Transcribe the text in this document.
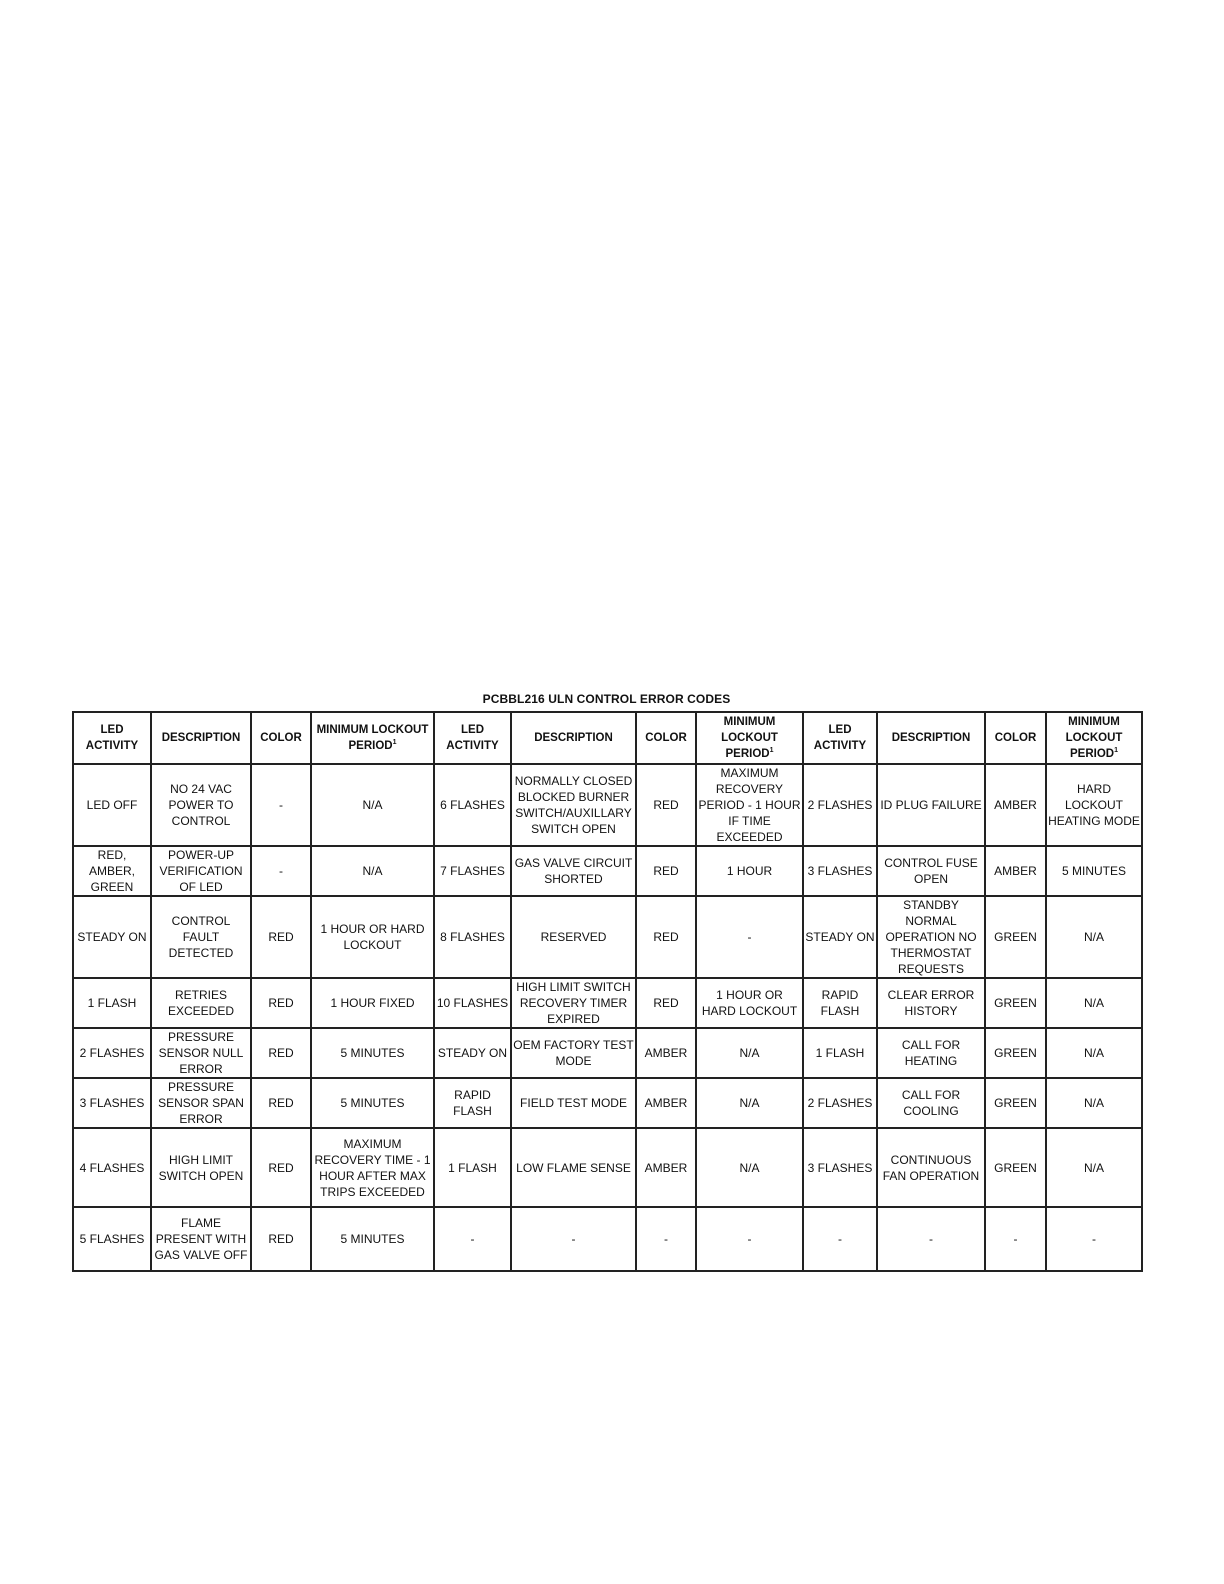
PCBBL216 ULN CONTROL ERROR CODES
LED ACTIVITY	DESCRIPTION	COLOR	MINIMUM LOCKOUT PERIOD$^1$	LED ACTIVITY	DESCRIPTION	COLOR	MINIMUM LOCKOUT PERIOD$^1$	LED ACTIVITY	DESCRIPTION	COLOR	MINIMUM LOCKOUT PERIOD$^1$
LED OFF	NO 24 VAC POWER TO CONTROL	-	N/A	6 FLASHES	NORMALLY CLOSED BLOCKED BURNER SWITCH/AUXILLARY SWITCH OPEN	RED	MAXIMUM RECOVERY PERIOD - 1 HOUR IF TIME EXCEEDED	2 FLASHES	ID PLUG FAILURE	AMBER	HARD LOCKOUT HEATING MODE
RED, AMBER, GREEN	POWER-UP VERIFICATION OF LED	-	N/A	7 FLASHES	GAS VALVE CIRCUIT SHORTED	RED	1 HOUR	3 FLASHES	CONTROL FUSE OPEN	AMBER	5 MINUTES
STEADY ON	CONTROL FAULT DETECTED	RED	1 HOUR OR HARD LOCKOUT	8 FLASHES	RESERVED	RED	-	STEADY ON	STANDBY NORMAL OPERATION NO THERMOSTAT REQUESTS	GREEN	N/A
1 FLASH	RETRIES EXCEEDED	RED	1 HOUR FIXED	10 FLASHES	HIGH LIMIT SWITCH RECOVERY TIMER EXPIRED	RED	1 HOUR OR HARD LOCKOUT	RAPID FLASH	CLEAR ERROR HISTORY	GREEN	N/A
2 FLASHES	PRESSURE SENSOR NULL ERROR	RED	5 MINUTES	STEADY ON	OEM FACTORY TEST MODE	AMBER	N/A	1 FLASH	CALL FOR HEATING	GREEN	N/A
3 FLASHES	PRESSURE SENSOR SPAN ERROR	RED	5 MINUTES	RAPID FLASH	FIELD TEST MODE	AMBER	N/A	2 FLASHES	CALL FOR COOLING	GREEN	N/A
4 FLASHES	HIGH LIMIT SWITCH OPEN	RED	MAXIMUM RECOVERY TIME - 1 HOUR AFTER MAX TRIPS EXCEEDED	1 FLASH	LOW FLAME SENSE	AMBER	N/A	3 FLASHES	CONTINUOUS FAN OPERATION	GREEN	N/A
5 FLASHES	FLAME PRESENT WITH GAS VALVE OFF	RED	5 MINUTES	-	-	-	-	-	-	-	-
